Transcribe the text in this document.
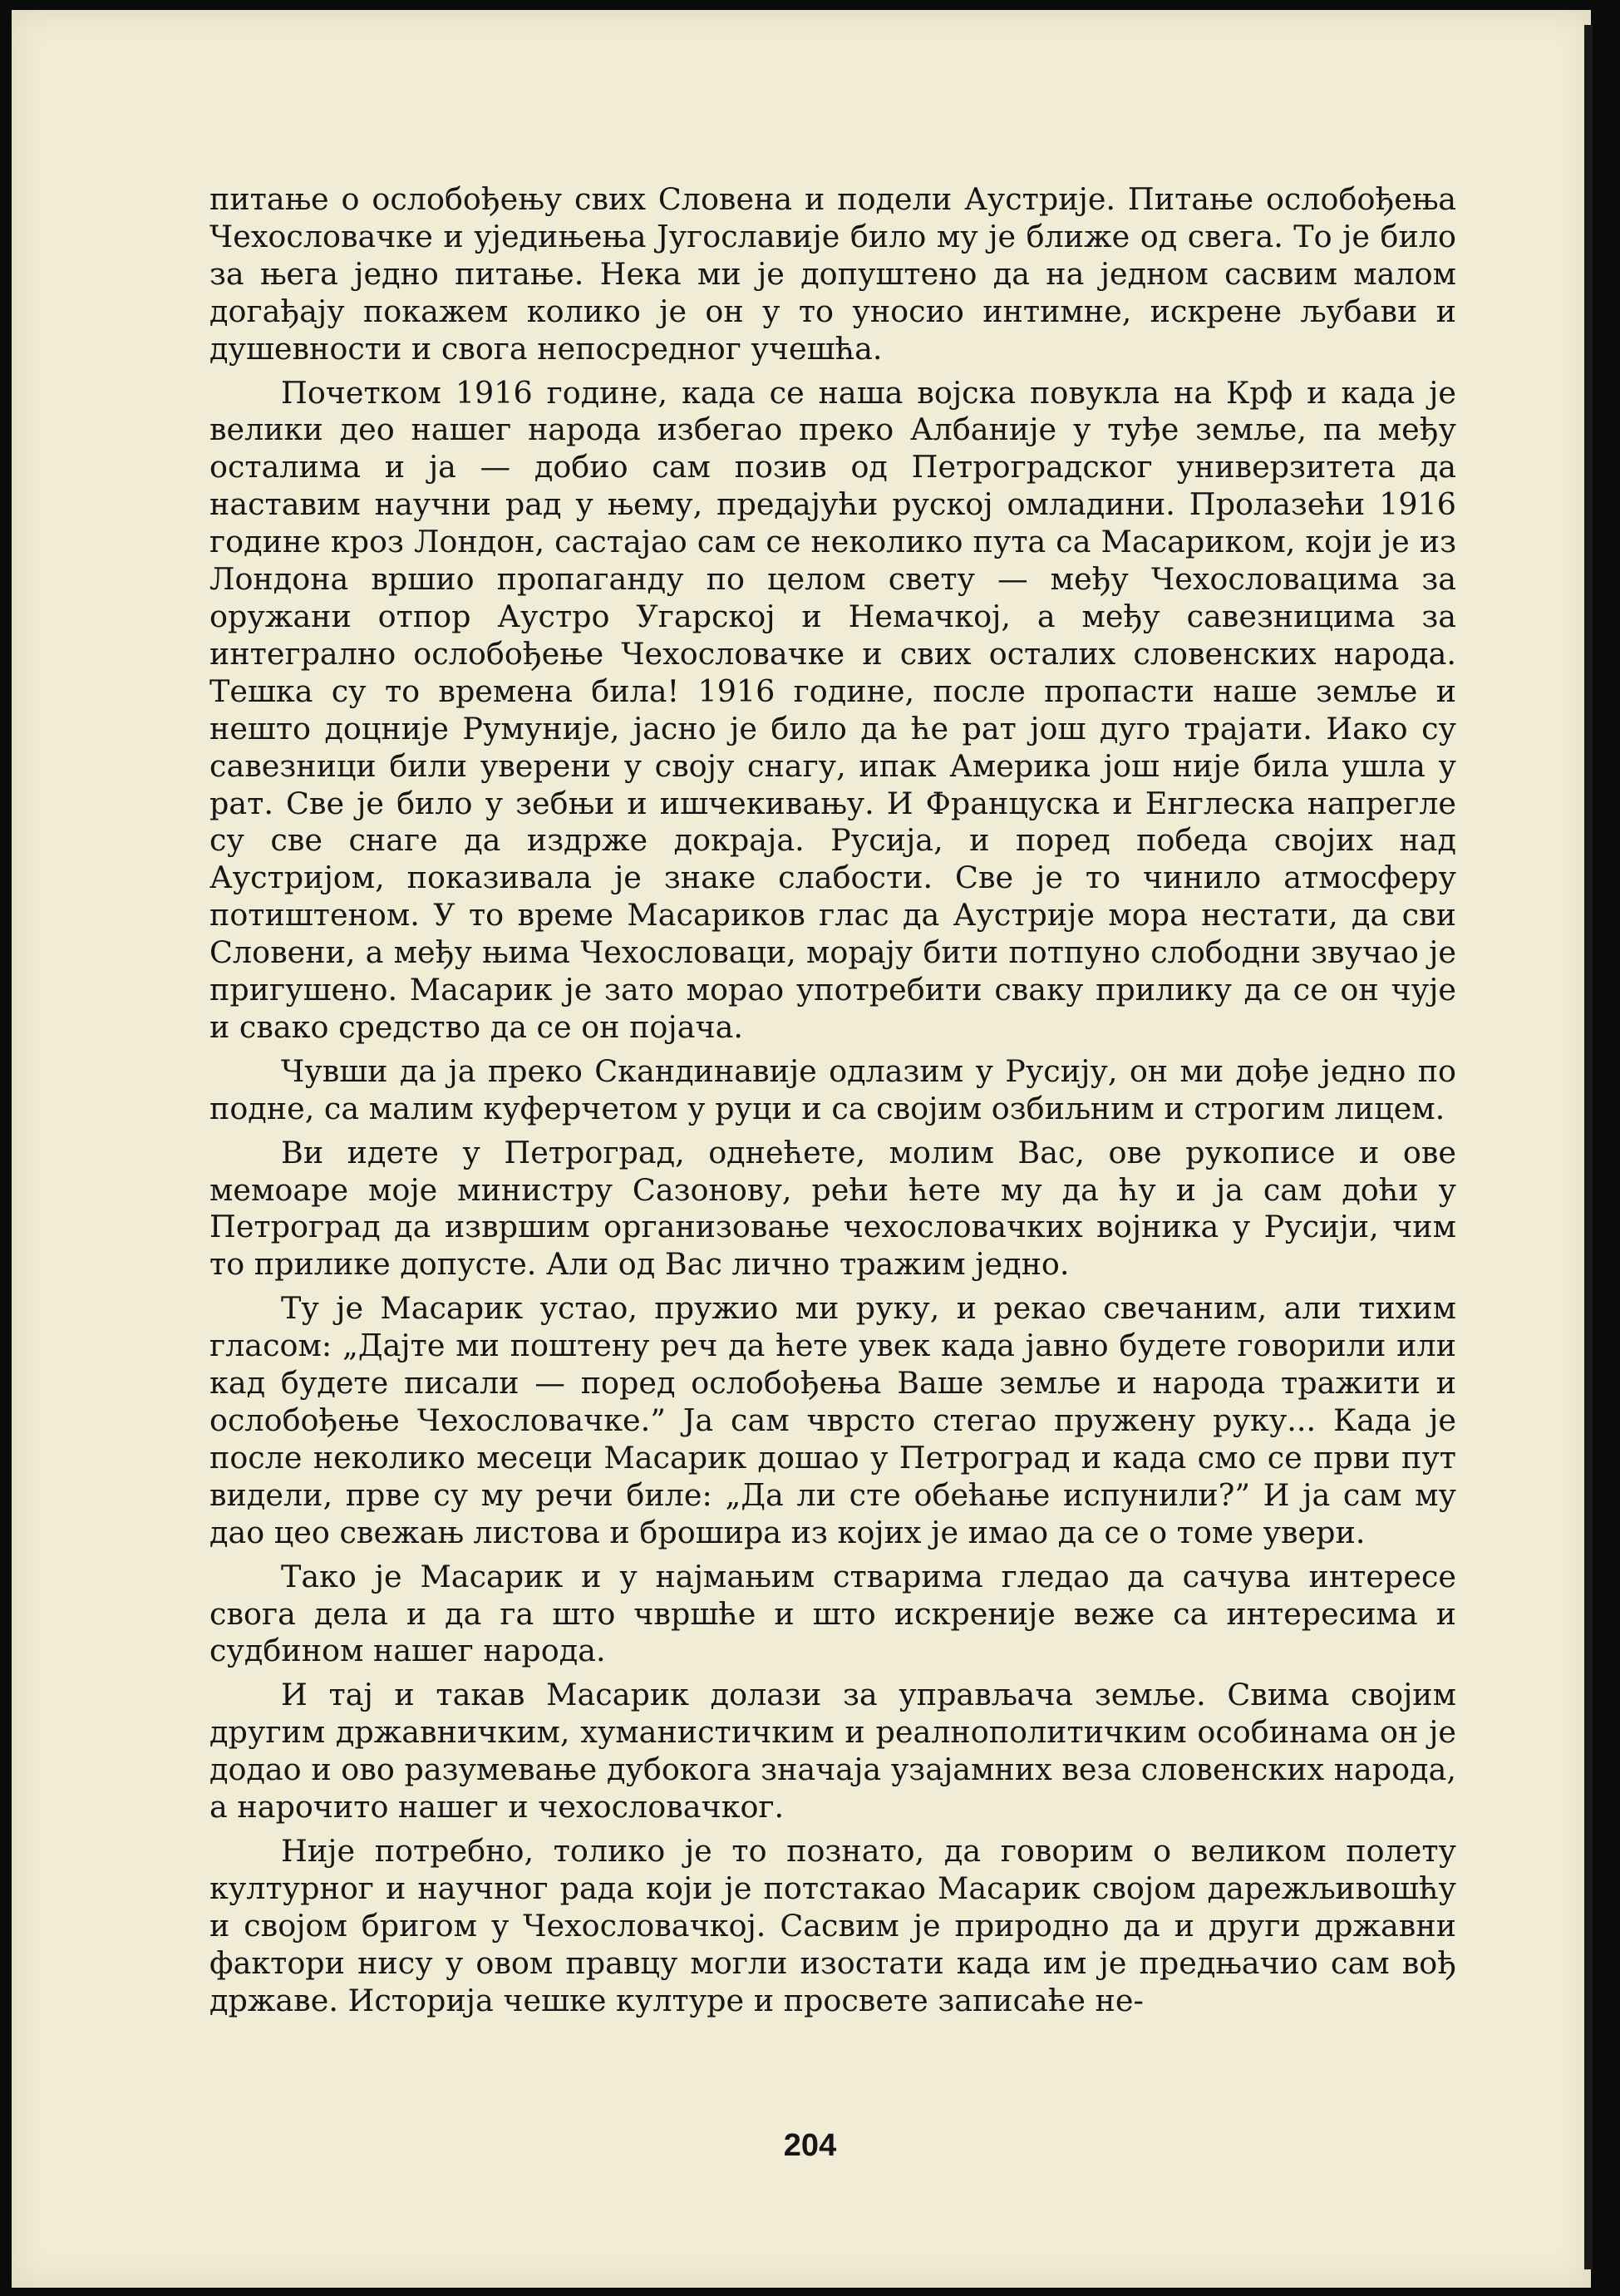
питање о ослобођењу свих Словена и подели Аустрије. Питање ослобођења Чехословачке и уједињења Југославије било му је ближе од свега. То је било за њега једно питање. Нека ми је допуштено да на једном сасвим малом догађају покажем колико је он у то уносио интимне, искрене љубави и душевности и свога непосредног учешћа.

Почетком 1916 године, када се наша војска повукла на Крф и када је велики део нашег народа избегао преко Албаније у туђе земље, па међу осталима и ја — добио сам позив од Петроградског универзитета да наставим научни рад у њему, предајући руској омладини. Пролазећи 1916 године кроз Лондон, састајао сам се неколико пута са Масариком, који је из Лондона вршио пропаганду по целом свету — међу Чехословацима за оружани отпор Аустро Угарској и Немачкој, а међу савезницима за интегрално ослобођење Чехословачке и свих осталих словенских народа. Тешка су то времена била! 1916 године, после пропасти наше земље и нешто доцније Румуније, јасно је било да ће рат још дуго трајати. Иако су савезници били уверени у своју снагу, ипак Америка још није била ушла у рат. Све је било у зебњи и ишчекивању. И Француска и Енглеска напрегле су све снаге да издрже докраја. Русија, и поред победа својих над Аустријом, показивала је знаке слабости. Све је то чинило атмосферу потиштеном. У то време Масариков глас да Аустрије мора нестати, да сви Словени, а међу њима Чехословаци, морају бити потпуно слободни звучао је пригушено. Масарик је зато морао употребити сваку прилику да се он чује и свако средство да се он појача.

Чувши да ја преко Скандинавије одлазим у Русију, он ми дође једно по подне, са малим куферчетом у руци и са својим озбиљним и строгим лицем.

Ви идете у Петроград, однећете, молим Вас, ове рукописе и ове мемоаре моје министру Сазонову, рећи ћете му да ћу и ја сам доћи у Петроград да извршим организовање чехословачких војника у Русији, чим то прилике допусте. Али од Вас лично тражим једно.

Ту је Масарик устао, пружио ми руку, и рекао свечаним, али тихим гласом: „Дајте ми поштену реч да ћете увек када јавно будете говорили или кад будете писали — поред ослобођења Ваше земље и народа тражити и ослобођење Чехословачке.” Ја сам чврсто стегао пружену руку... Када је после неколико месеци Масарик дошао у Петроград и када смо се први пут видели, прве су му речи биле: „Да ли сте обећање испунили?” И ја сам му дао цео свежањ листова и брошира из којих је имао да се о томе увери.

Тако је Масарик и у најмањим стварима гледао да сачува интересе свога дела и да га што чвршће и што искреније веже са интересима и судбином нашег народа.

И тај и такав Масарик долази за управљача земље. Свима својим другим државничким, хуманистичким и реалнополитичким особинама он је додао и ово разумевање дубокога значаја узајамних веза словенских народа, а нарочито нашег и чехословачког.

Није потребно, толико је то познато, да говорим о великом полету културног и научног рада који је потстакао Масарик својом дарежљивошћу и својом бригом у Чехословачкој. Сасвим је природно да и други државни фактори нису у овом правцу могли изостати када им је предњачио сам вођ државе. Историја чешке културе и просвете записаће не-

204
